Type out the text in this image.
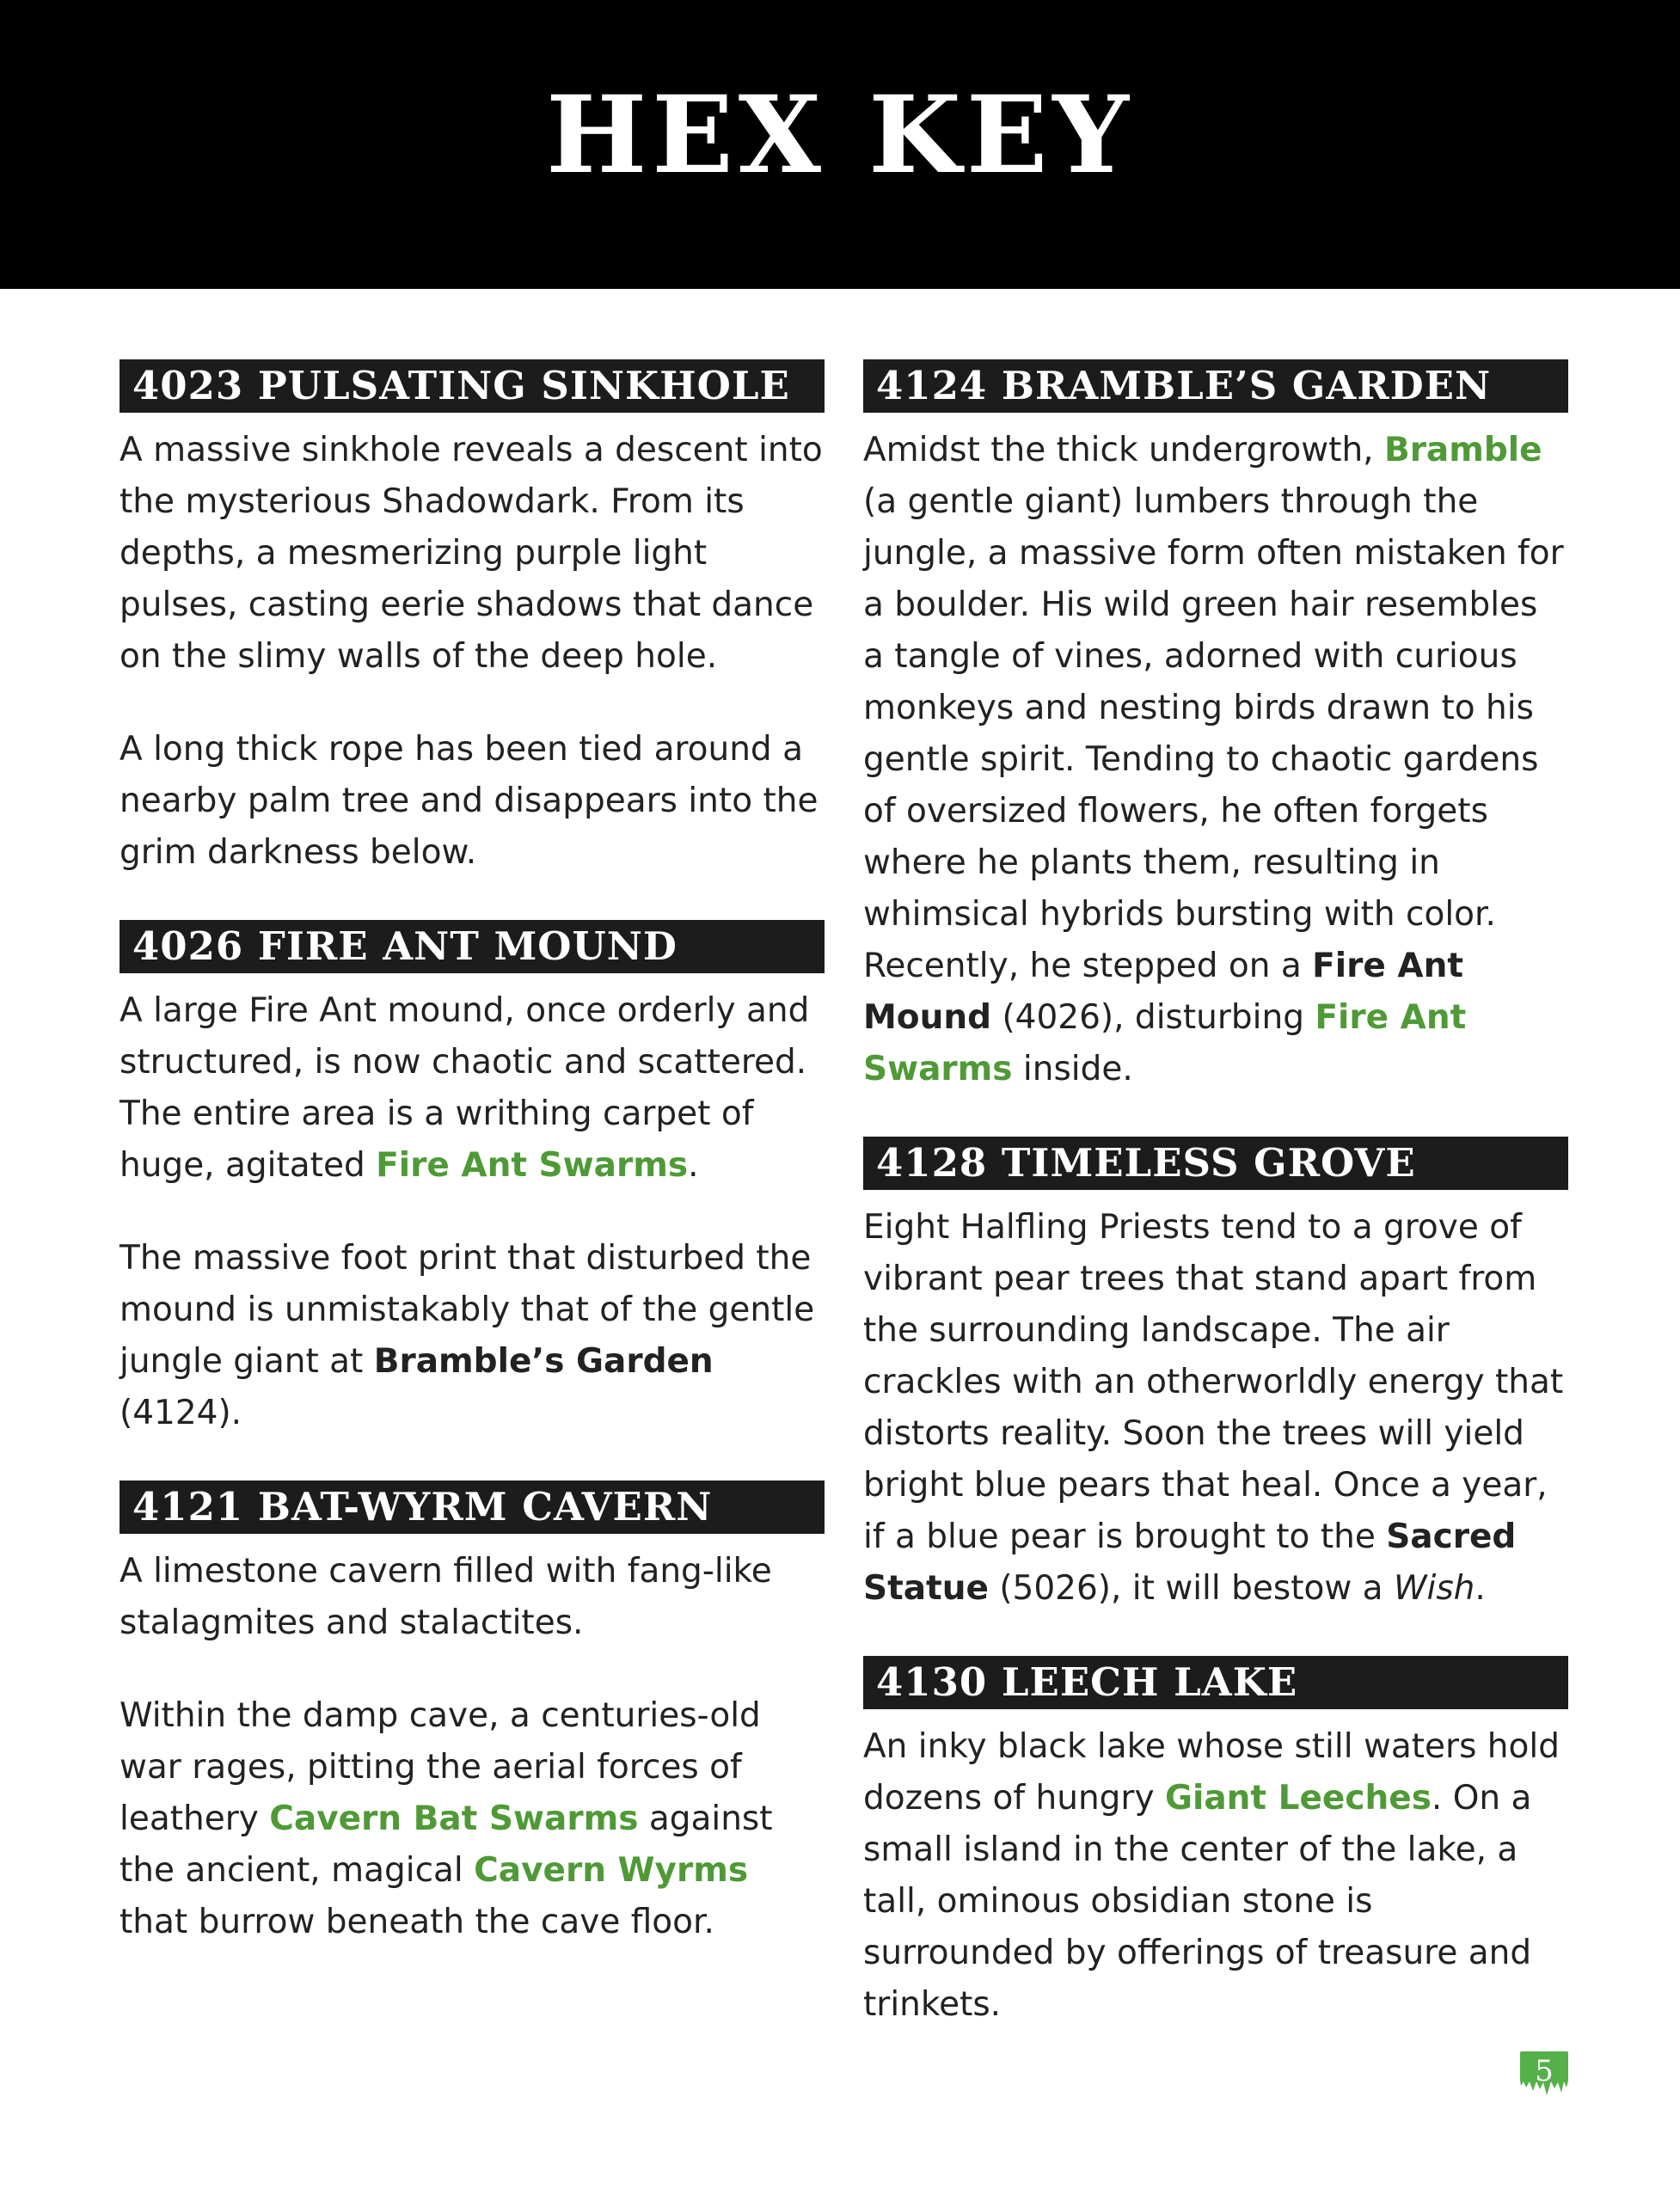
HEX KEY
4023 PULSATING SINKHOLE

A massive sinkhole reveals a descent into the mysterious Shadowdark. From its depths, a mesmerizing purple light pulses, casting eerie shadows that dance on the slimy walls of the deep hole.

A long thick rope has been tied around a nearby palm tree and disappears into the grim darkness below.

4026 FIRE ANT MOUND

A large Fire Ant mound, once orderly and structured, is now chaotic and scattered. The entire area is a writhing carpet of huge, agitated Fire Ant Swarms.

The massive foot print that disturbed the mound is unmistakably that of the gentle jungle giant at Bramble’s Garden (4124).

4121 BAT-WYRM CAVERN

A limestone cavern filled with fang-like stalagmites and stalactites.

Within the damp cave, a centuries-old war rages, pitting the aerial forces of leathery Cavern Bat Swarms against the ancient, magical Cavern Wyrms that burrow beneath the cave floor.

4124 BRAMBLE’S GARDEN

Amidst the thick undergrowth, Bramble (a gentle giant) lumbers through the jungle, a massive form often mistaken for a boulder. His wild green hair resembles a tangle of vines, adorned with curious monkeys and nesting birds drawn to his gentle spirit. Tending to chaotic gardens of oversized flowers, he often forgets where he plants them, resulting in whimsical hybrids bursting with color. Recently, he stepped on a Fire Ant Mound (4026), disturbing Fire Ant Swarms inside.

4128 TIMELESS GROVE

Eight Halfling Priests tend to a grove of vibrant pear trees that stand apart from the surrounding landscape. The air crackles with an otherworldly energy that distorts reality. Soon the trees will yield bright blue pears that heal. Once a year, if a blue pear is brought to the Sacred Statue (5026), it will bestow a Wish.

4130 LEECH LAKE

An inky black lake whose still waters hold dozens of hungry Giant Leeches. On a small island in the center of the lake, a tall, ominous obsidian stone is surrounded by offerings of treasure and trinkets.

5
